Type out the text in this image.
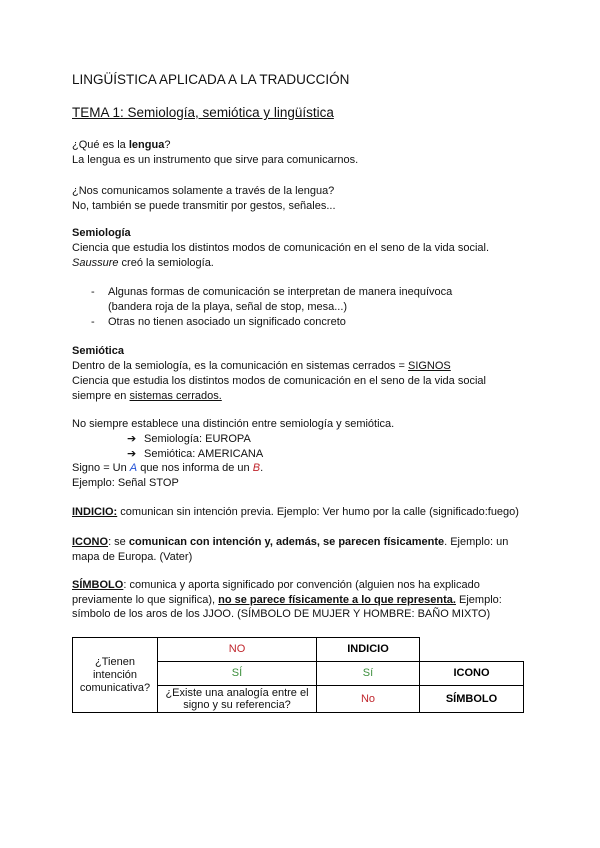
LINGÜÍSTICA APLICADA A LA TRADUCCIÓN
TEMA 1: Semiología, semiótica y lingüística
¿Qué es la lengua?
La lengua es un instrumento que sirve para comunicarnos.
¿Nos comunicamos solamente a través de la lengua?
No, también se puede transmitir por gestos, señales...
Semiología
Ciencia que estudia los distintos modos de comunicación en el seno de la vida social.
Saussure creó la semiología.
- Algunas formas de comunicación se interpretan de manera inequívoca
(bandera roja de la playa, señal de stop, mesa...)
- Otras no tienen asociado un significado concreto
Semiótica
Dentro de la semiología, es la comunicación en sistemas cerrados = SIGNOS
Ciencia que estudia los distintos modos de comunicación en el seno de la vida social
siempre en sistemas cerrados.
No siempre establece una distinción entre semiología y semiótica.
➔ Semiología: EUROPA
➔ Semiótica: AMERICANA
Signo = Un A que nos informa de un B.
Ejemplo: Señal STOP
INDICIO: comunican sin intención previa. Ejemplo: Ver humo por la calle (significado:fuego)
ICONO: se comunican con intención y, además, se parecen físicamente. Ejemplo: un
mapa de Europa. (Vater)
SÍMBOLO: comunica y aporta significado por convención (alguien nos ha explicado
previamente lo que significa), no se parece físicamente a lo que representa. Ejemplo:
símbolo de los aros de los JJOO. (SÍMBOLO DE MUJER Y HOMBRE: BAÑO MIXTO)
¿Tienen intención comunicativa?	NO	INDICIO	
	SÍ	Sí	ICONO
	¿Existe una analogía entre el signo y su referencia?	No	SÍMBOLO
